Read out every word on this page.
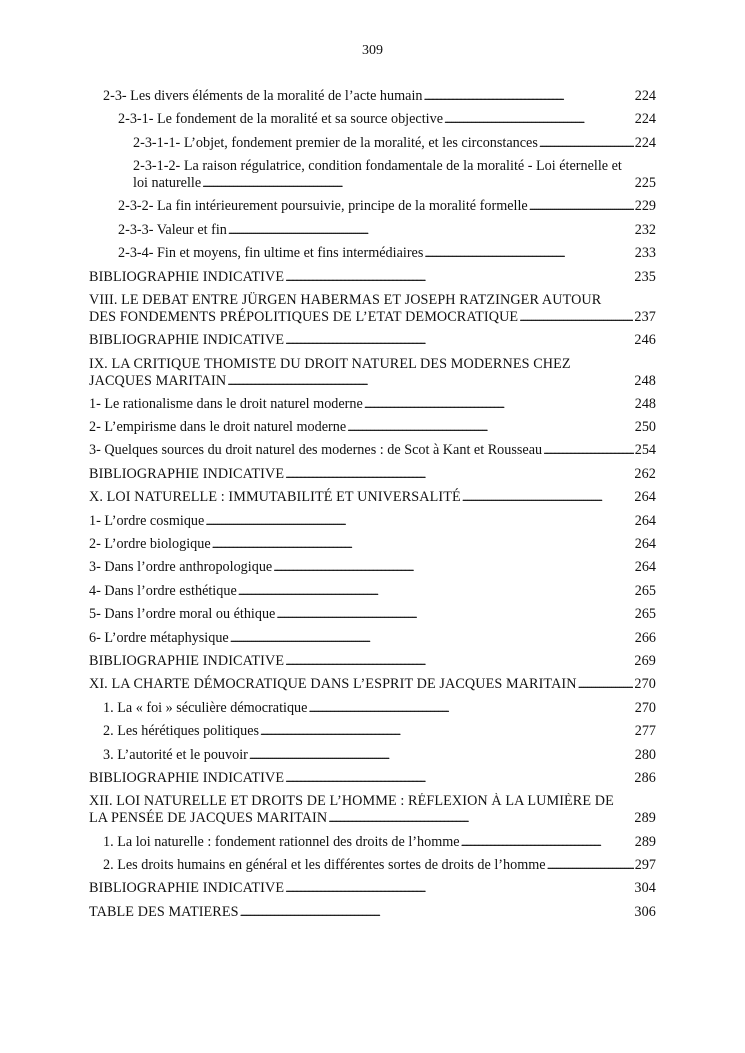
309
2-3- Les divers éléments de la moralité de l’acte humain . . .	224
2-3-1- Le fondement de la moralité et sa source objective . . .	224
2-3-1-1- L’objet, fondement premier de la moralité, et les circonstances . . .	224
2-3-1-2- La raison régulatrice, condition fondamentale de la moralité - Loi éternelle et
loi naturelle . . .	225
2-3-2- La fin intérieurement poursuivie, principe de la moralité formelle . . .	229
2-3-3- Valeur et fin . . .	232
2-3-4- Fin et moyens, fin ultime et fins intermédiaires . . .	233
BIBLIOGRAPHIE INDICATIVE . . .	235
VIII. LE DEBAT ENTRE JÜRGEN HABERMAS ET JOSEPH RATZINGER AUTOUR
DES FONDEMENTS PRÉPOLITIQUES DE L’ETAT DEMOCRATIQUE . . .	237
BIBLIOGRAPHIE INDICATIVE . . .	246
IX. LA CRITIQUE THOMISTE DU DROIT NATUREL DES MODERNES CHEZ
JACQUES MARITAIN . . .	248
1- Le rationalisme dans le droit naturel moderne . . .	248
2- L’empirisme dans le droit naturel moderne . . .	250
3- Quelques sources du droit naturel des modernes : de Scot à Kant et Rousseau . . .	254
BIBLIOGRAPHIE INDICATIVE . . .	262
X. LOI NATURELLE : IMMUTABILITÉ ET UNIVERSALITÉ . . .	264
1- L’ordre cosmique . . .	264
2- L’ordre biologique . . .	264
3- Dans l’ordre anthropologique . . .	264
4- Dans l’ordre esthétique . . .	265
5- Dans l’ordre moral ou éthique . . .	265
6- L’ordre métaphysique . . .	266
BIBLIOGRAPHIE INDICATIVE . . .	269
XI. LA CHARTE DÉMOCRATIQUE DANS L’ESPRIT DE JACQUES MARITAIN . . .	270
1. La « foi » séculière démocratique . . .	270
2. Les hérétiques politiques . . .	277
3. L’autorité et le pouvoir . . .	280
BIBLIOGRAPHIE INDICATIVE . . .	286
XII. LOI NATURELLE ET DROITS DE L’HOMME : RÉFLEXION À LA LUMIÈRE DE
LA PENSÉE DE JACQUES MARITAIN . . .	289
1. La loi naturelle : fondement rationnel des droits de l’homme . . .	289
2. Les droits humains en général et les différentes sortes de droits de l’homme . . .	297
BIBLIOGRAPHIE INDICATIVE . . .	304
TABLE DES MATIERES . . .	306
